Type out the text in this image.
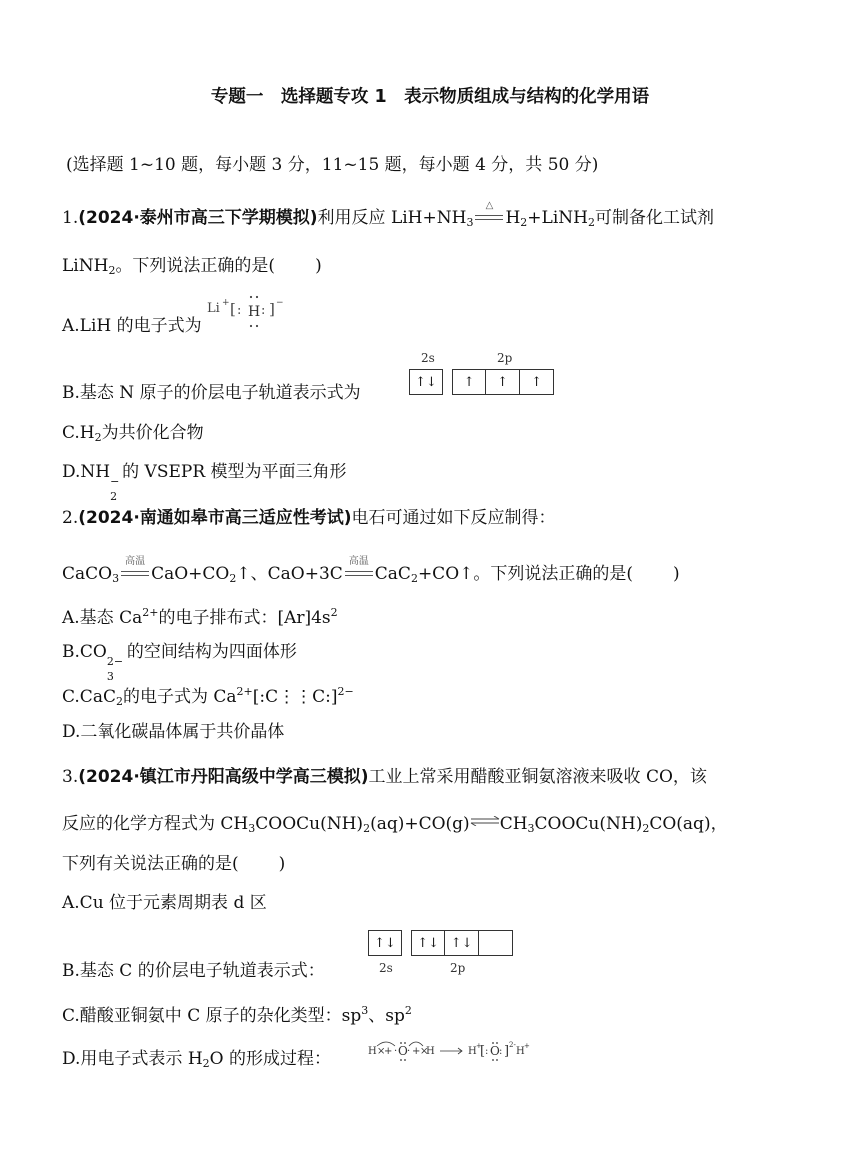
专题一　选择题专攻 1　表示物质组成与结构的化学用语
(选择题 1~10 题，每小题 3 分，11~15 题，每小题 4 分，共 50 分)
1.(2024·泰州市高三下学期模拟)利用反应 $LiH+NH_3$
△
$H_2+LiNH_2$可制备化工试剂
LiNH$_2$。下列说法正确的是( )
A.LiH 的电子式为
Li + [ : H : ] −
B.基态 N 原子的价层电子轨道表示式为
2s	2p
↑↓
	↑	↑	↑
$C.H_2$为共价化合物
D.NH −
2
的 VSEPR 模型为平面三角形
2.(2024·南通如皋市高三适应性考试)电石可通过如下反应制得：
CaCO$_3$
高温
$CaO+CO_2↑$、CaO+3C
高温
CaC$_2$+CO↑。下列说法正确的是( )
A.基态 $Ca^{2+}$的电子排布式：$[Ar]4s^2$
B.CO 2−
3
的空间结构为四面体形
C.CaC$_2$的电子式为 $Ca^{2+}[:C⋮⋮C:]^{2-}$
D.二氧化碳晶体属于共价晶体
3.(2024·镇江市丹阳高级中学高三模拟)工业上常采用醋酸亚铜氨溶液来吸收 CO，该
反应的化学方程式为 $CH_3COOCu(NH)_2(aq)+CO(g)\rightleftharpoons CH_3COOCu(NH)_2CO(aq)$，
下列有关说法正确的是( )
A.Cu 位于元素周期表 d 区
↑↓
	↑↓ ↑↓
2s	2p
B.基态 C 的价层电子轨道表示式：
C.醋酸亚铜氨中 C 原子的杂化类型：$sp^3$、$sp^2$
D.用电子式表示 $H_2O$ 的形成过程：	H ×
+ · O · + ×
H	H +
[ : O : ] 2-
H +
